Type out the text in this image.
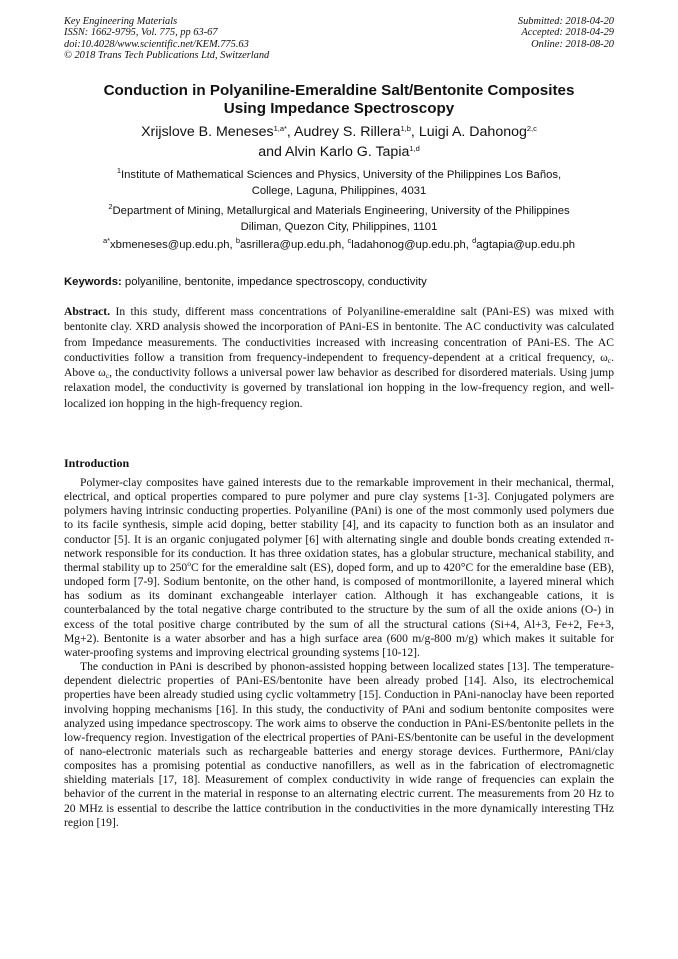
Key Engineering Materials
ISSN: 1662-9795, Vol. 775, pp 63-67
doi:10.4028/www.scientific.net/KEM.775.63
© 2018 Trans Tech Publications Ltd, Switzerland
Submitted: 2018-04-20
Accepted: 2018-04-29
Online: 2018-08-20
Conduction in Polyaniline-Emeraldine Salt/Bentonite Composites
Using Impedance Spectroscopy
Xrijslove B. Meneses$^{1,a*}$, Audrey S. Rillera$^{1,b}$, Luigi A. Dahonog$^{2,c}$
and Alvin Karlo G. Tapia$^{1,d}$
$^1$Institute of Mathematical Sciences and Physics, University of the Philippines Los Baños,
College, Laguna, Philippines, 4031
$^2$Department of Mining, Metallurgical and Materials Engineering, University of the Philippines
Diliman, Quezon City, Philippines, 1101
$^{a*}$xbmeneses@up.edu.ph, $^b$asrillera@up.edu.ph, $^c$ladahonog@up.edu.ph, $^d$agtapia@up.edu.ph
Keywords: polyaniline, bentonite, impedance spectroscopy, conductivity
Abstract. In this study, different mass concentrations of Polyaniline-emeraldine salt (PAni-ES) was mixed with bentonite clay. XRD analysis showed the incorporation of PAni-ES in bentonite. The AC conductivity was calculated from Impedance measurements. The conductivities increased with increasing concentration of PAni-ES. The AC conductivities follow a transition from frequency-independent to frequency-dependent at a critical frequency, $\omega_c$. Above $\omega_c$, the conductivity follows a universal power law behavior as described for disordered materials. Using jump relaxation model, the conductivity is governed by translational ion hopping in the low-frequency region, and well-localized ion hopping in the high-frequency region.
Introduction

Polymer-clay composites have gained interests due to the remarkable improvement in their mechanical, thermal, electrical, and optical properties compared to pure polymer and pure clay systems [1-3]. Conjugated polymers are polymers having intrinsic conducting properties. Polyaniline (PAni) is one of the most commonly used polymers due to its facile synthesis, simple acid doping, better stability [4], and its capacity to function both as an insulator and conductor [5]. It is an organic conjugated polymer [6] with alternating single and double bonds creating extended π-network responsible for its conduction. It has three oxidation states, has a globular structure, mechanical stability, and thermal stability up to 250$^o$C for the emeraldine salt (ES), doped form, and up to 420°C for the emeraldine base (EB), undoped form [7-9]. Sodium bentonite, on the other hand, is composed of montmorillonite, a layered mineral which has sodium as its dominant exchangeable interlayer cation. Although it has exchangeable cations, it is counterbalanced by the total negative charge contributed to the structure by the sum of all the oxide anions (O-) in excess of the total positive charge contributed by the sum of all the structural cations (Si+4, Al+3, Fe+2, Fe+3, Mg+2). Bentonite is a water absorber and has a high surface area (600 m/g-800 m/g) which makes it suitable for water-proofing systems and improving electrical grounding systems [10-12].

The conduction in PAni is described by phonon-assisted hopping between localized states [13]. The temperature-dependent dielectric properties of PAni-ES/bentonite have been already probed [14]. Also, its electrochemical properties have been already studied using cyclic voltammetry [15]. Conduction in PAni-nanoclay have been reported involving hopping mechanisms [16]. In this study, the conductivity of PAni and sodium bentonite composites were analyzed using impedance spectroscopy. The work aims to observe the conduction in PAni-ES/bentonite pellets in the low-frequency region. Investigation of the electrical properties of PAni-ES/bentonite can be useful in the development of nano-electronic materials such as rechargeable batteries and energy storage devices. Furthermore, PAni/clay composites has a promising potential as conductive nanofillers, as well as in the fabrication of electromagnetic shielding materials [17, 18]. Measurement of complex conductivity in wide range of frequencies can explain the behavior of the current in the material in response to an alternating electric current. The measurements from 20 Hz to 20 MHz is essential to describe the lattice contribution in the conductivities in the more dynamically interesting THz region [19].
